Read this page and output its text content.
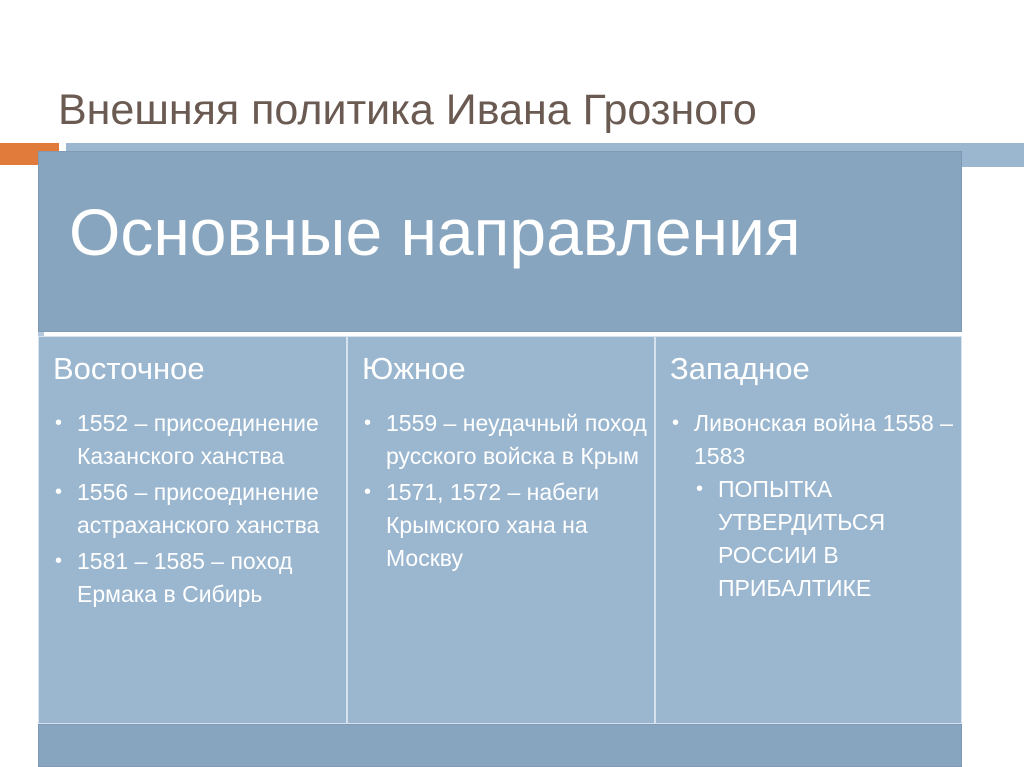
Внешняя политика Ивана Грозного
Основные направления
Восточное
• 1552 – присоединение Казанского ханства
• 1556 – присоединение астраханского ханства
• 1581 – 1585 – поход Ермака в Сибирь
Южное
• 1559 – неудачный поход русского войска в Крым
• 1571, 1572 – набеги Крымского хана на Москву
Западное
• Ливонская война 1558 – 1583
• ПОПЫТКА УТВЕРДИТЬСЯ РОССИИ В ПРИБАЛТИКЕ
